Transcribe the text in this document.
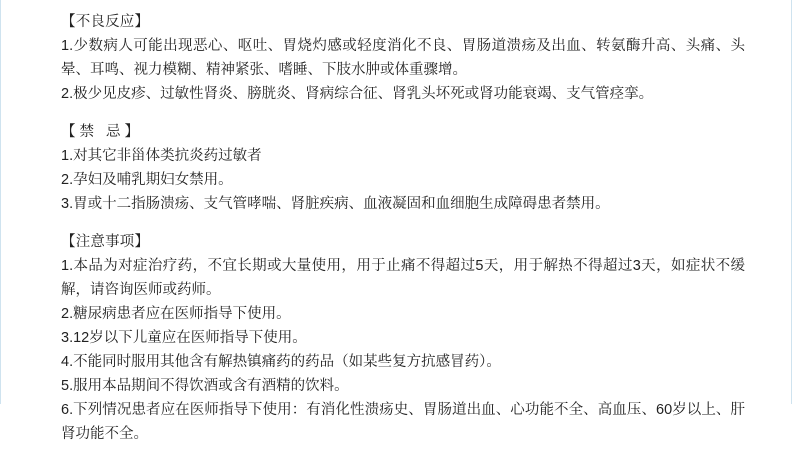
【不良反应】
1.少数病人可能出现恶心、呕吐、胃烧灼感或轻度消化不良、胃肠道溃疡及出血、转氨酶升高、头痛、头晕、耳鸣、视力模糊、精神紧张、嗜睡、下肢水肿或体重骤增。
2.极少见皮疹、过敏性肾炎、膀胱炎、肾病综合征、肾乳头坏死或肾功能衰竭、支气管痉挛。
【禁 忌】
1.对其它非甾体类抗炎药过敏者
2.孕妇及哺乳期妇女禁用。
3.胃或十二指肠溃疡、支气管哮喘、肾脏疾病、血液凝固和血细胞生成障碍患者禁用。
【注意事项】
1.本品为对症治疗药，不宜长期或大量使用，用于止痛不得超过5天，用于解热不得超过3天，如症状不缓解，请咨询医师或药师。
2.糖尿病患者应在医师指导下使用。
3.12岁以下儿童应在医师指导下使用。
4.不能同时服用其他含有解热镇痛药的药品（如某些复方抗感冒药）。
5.服用本品期间不得饮酒或含有酒精的饮料。
6.下列情况患者应在医师指导下使用：有消化性溃疡史、胃肠道出血、心功能不全、高血压、60岁以上、肝肾功能不全。
